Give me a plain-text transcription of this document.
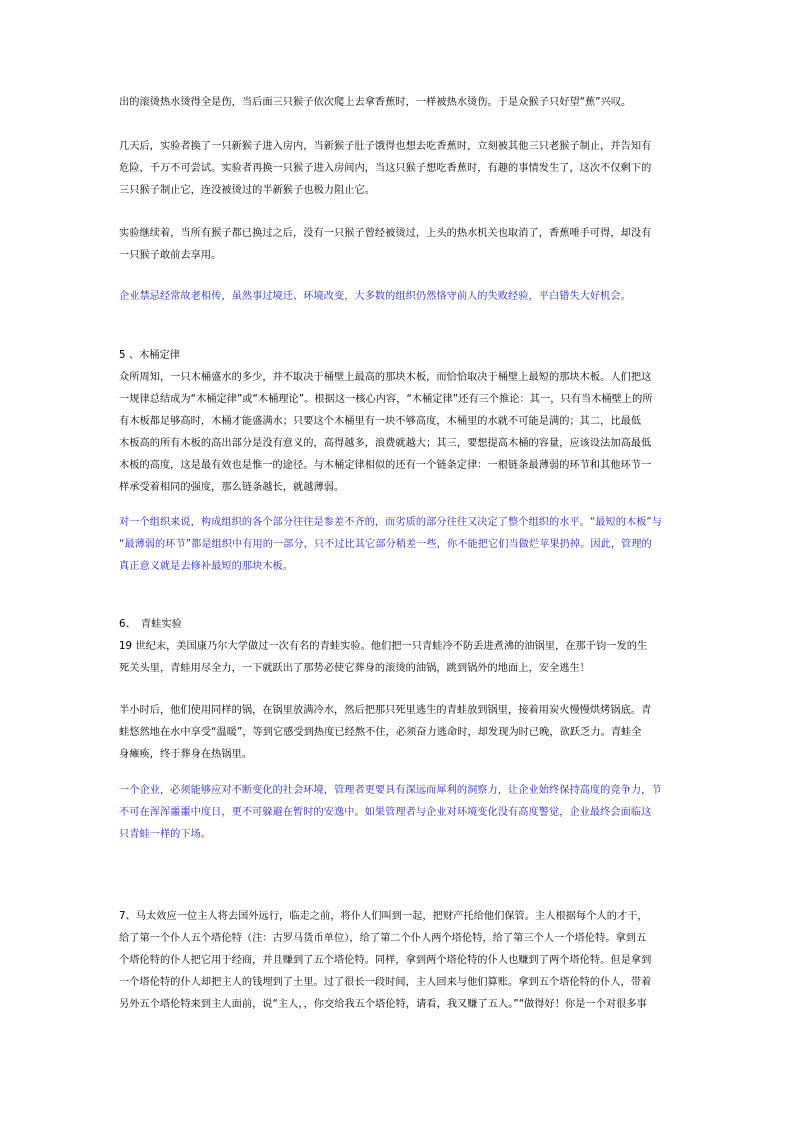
出的滚烫热水烫得全是伤，当后面三只猴子依次爬上去拿香蕉时，一样被热水烫伤。于是众猴子只好望“蕉”兴叹。
几天后，实验者换了一只新猴子进入房内，当新猴子肚子饿得也想去吃香蕉时，立刻被其他三只老猴子制止，并告知有
危险，千万不可尝试。实验者再换一只猴子进入房间内，当这只猴子想吃香蕉时，有趣的事情发生了，这次不仅剩下的
三只猴子制止它，连没被烫过的半新猴子也极力阻止它。
实验继续着，当所有猴子都已换过之后，没有一只猴子曾经被烫过，上头的热水机关也取消了，香蕉唾手可得，却没有
一只猴子敢前去享用。
企业禁忌经常故老相传，虽然事过境迁、环境改变，大多数的组织仍然恪守前人的失败经验，平白错失大好机会。
5 、木桶定律
众所周知，一只木桶盛水的多少，并不取决于桶壁上最高的那块木板，而恰恰取决于桶壁上最短的那块木板。人们把这
一规律总结成为“木桶定律”或“木桶理论”。根据这一核心内容，“木桶定律”还有三个推论：其一，只有当木桶壁上的所
有木板都足够高时，木桶才能盛满水；只要这个木桶里有一块不够高度，木桶里的水就不可能是满的；其二，比最低
木板高的所有木板的高出部分是没有意义的，高得越多，浪费就越大；其三，要想提高木桶的容量，应该设法加高最低
木板的高度，这是最有效也是惟一的途径。与木桶定律相似的还有一个链条定律：一根链条最薄弱的环节和其他环节一
样承受着相同的强度，那么链条越长，就越薄弱。
对一个组织来说，构成组织的各个部分往往是参差不齐的，而劣质的部分往往又决定了整个组织的水平。“最短的木板”与
“最薄弱的环节”都是组织中有用的一部分，只不过比其它部分稍差一些，你不能把它们当做烂苹果扔掉。因此，管理的
真正意义就是去修补最短的那块木板。
6、　青蛙实验
19 世纪末，美国康乃尔大学做过一次有名的青蛙实验。他们把一只青蛙冷不防丢进煮沸的油锅里，在那千钧一发的生
死关头里，青蛙用尽全力，一下就跃出了那势必使它葬身的滚烫的油锅，跳到锅外的地面上，安全逃生！
半小时后，他们使用同样的锅，在锅里放满冷水，然后把那只死里逃生的青蛙放到锅里，接着用炭火慢慢烘烤锅底。青
蛙悠然地在水中享受“温暖”，等到它感受到热度已经熬不住，必须奋力逃命时，却发现为时已晚，欲跃乏力。青蛙全
身瘫痪，终于葬身在热锅里。
一个企业，必须能够应对不断变化的社会环境，管理者更要具有深远而犀利的洞察力，让企业始终保持高度的竞争力，节
不可在浑浑噩噩中度日，更不可躲避在暂时的安逸中。如果管理者与企业对环境变化没有高度警觉，企业最终会面临这
只青蛙一样的下场。
7、马太效应一位主人将去国外远行，临走之前，将仆人们叫到一起，把财产托给他们保管。主人根据每个人的才干，
给了第一个仆人五个塔伦特（注：古罗马货币单位），给了第二个仆人两个塔伦特，给了第三个人一个塔伦特。拿到五
个塔伦特的仆人把它用于经商，并且赚到了五个塔伦特。同样，拿到两个塔伦特的仆人也赚到了两个塔伦特。但是拿到
一个塔伦特的仆人却把主人的钱埋到了土里。过了很长一段时间，主人回来与他们算账。拿到五个塔伦特的仆人，带着
另外五个塔伦特来到主人面前，说“主人，，你交给我五个塔伦特，请看，我又赚了五人。”“做得好！你是一个对很多事
